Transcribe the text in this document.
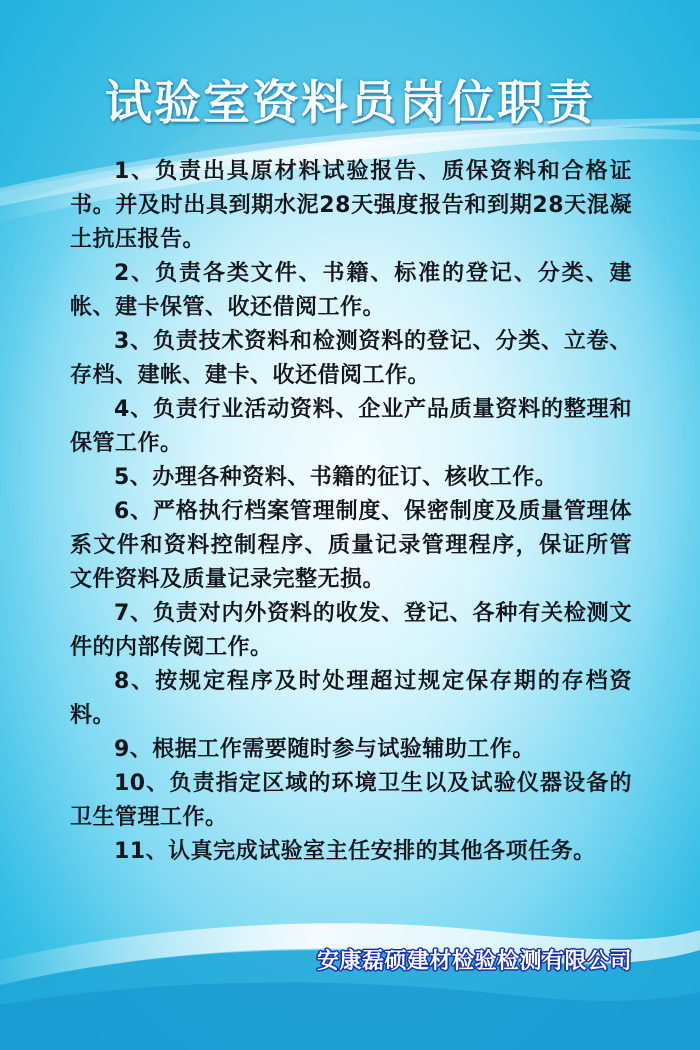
试验室资料员岗位职责

1、负责出具原材料试验报告、质保资料和合格证书。并及时出具到期水泥28天强度报告和到期28天混凝土抗压报告。

2、负责各类文件、书籍、标准的登记、分类、建帐、建卡保管、收还借阅工作。

3、负责技术资料和检测资料的登记、分类、立卷、存档、建帐、建卡、收还借阅工作。

4、负责行业活动资料、企业产品质量资料的整理和保管工作。

5、办理各种资料、书籍的征订、核收工作。

6、严格执行档案管理制度、保密制度及质量管理体系文件和资料控制程序、质量记录管理程序，保证所管文件资料及质量记录完整无损。

7、负责对内外资料的收发、登记、各种有关检测文件的内部传阅工作。

8、按规定程序及时处理超过规定保存期的存档资料。

9、根据工作需要随时参与试验辅助工作。

10、负责指定区域的环境卫生以及试验仪器设备的卫生管理工作。

11、认真完成试验室主任安排的其他各项任务。

安康磊硕建材检验检测有限公司
